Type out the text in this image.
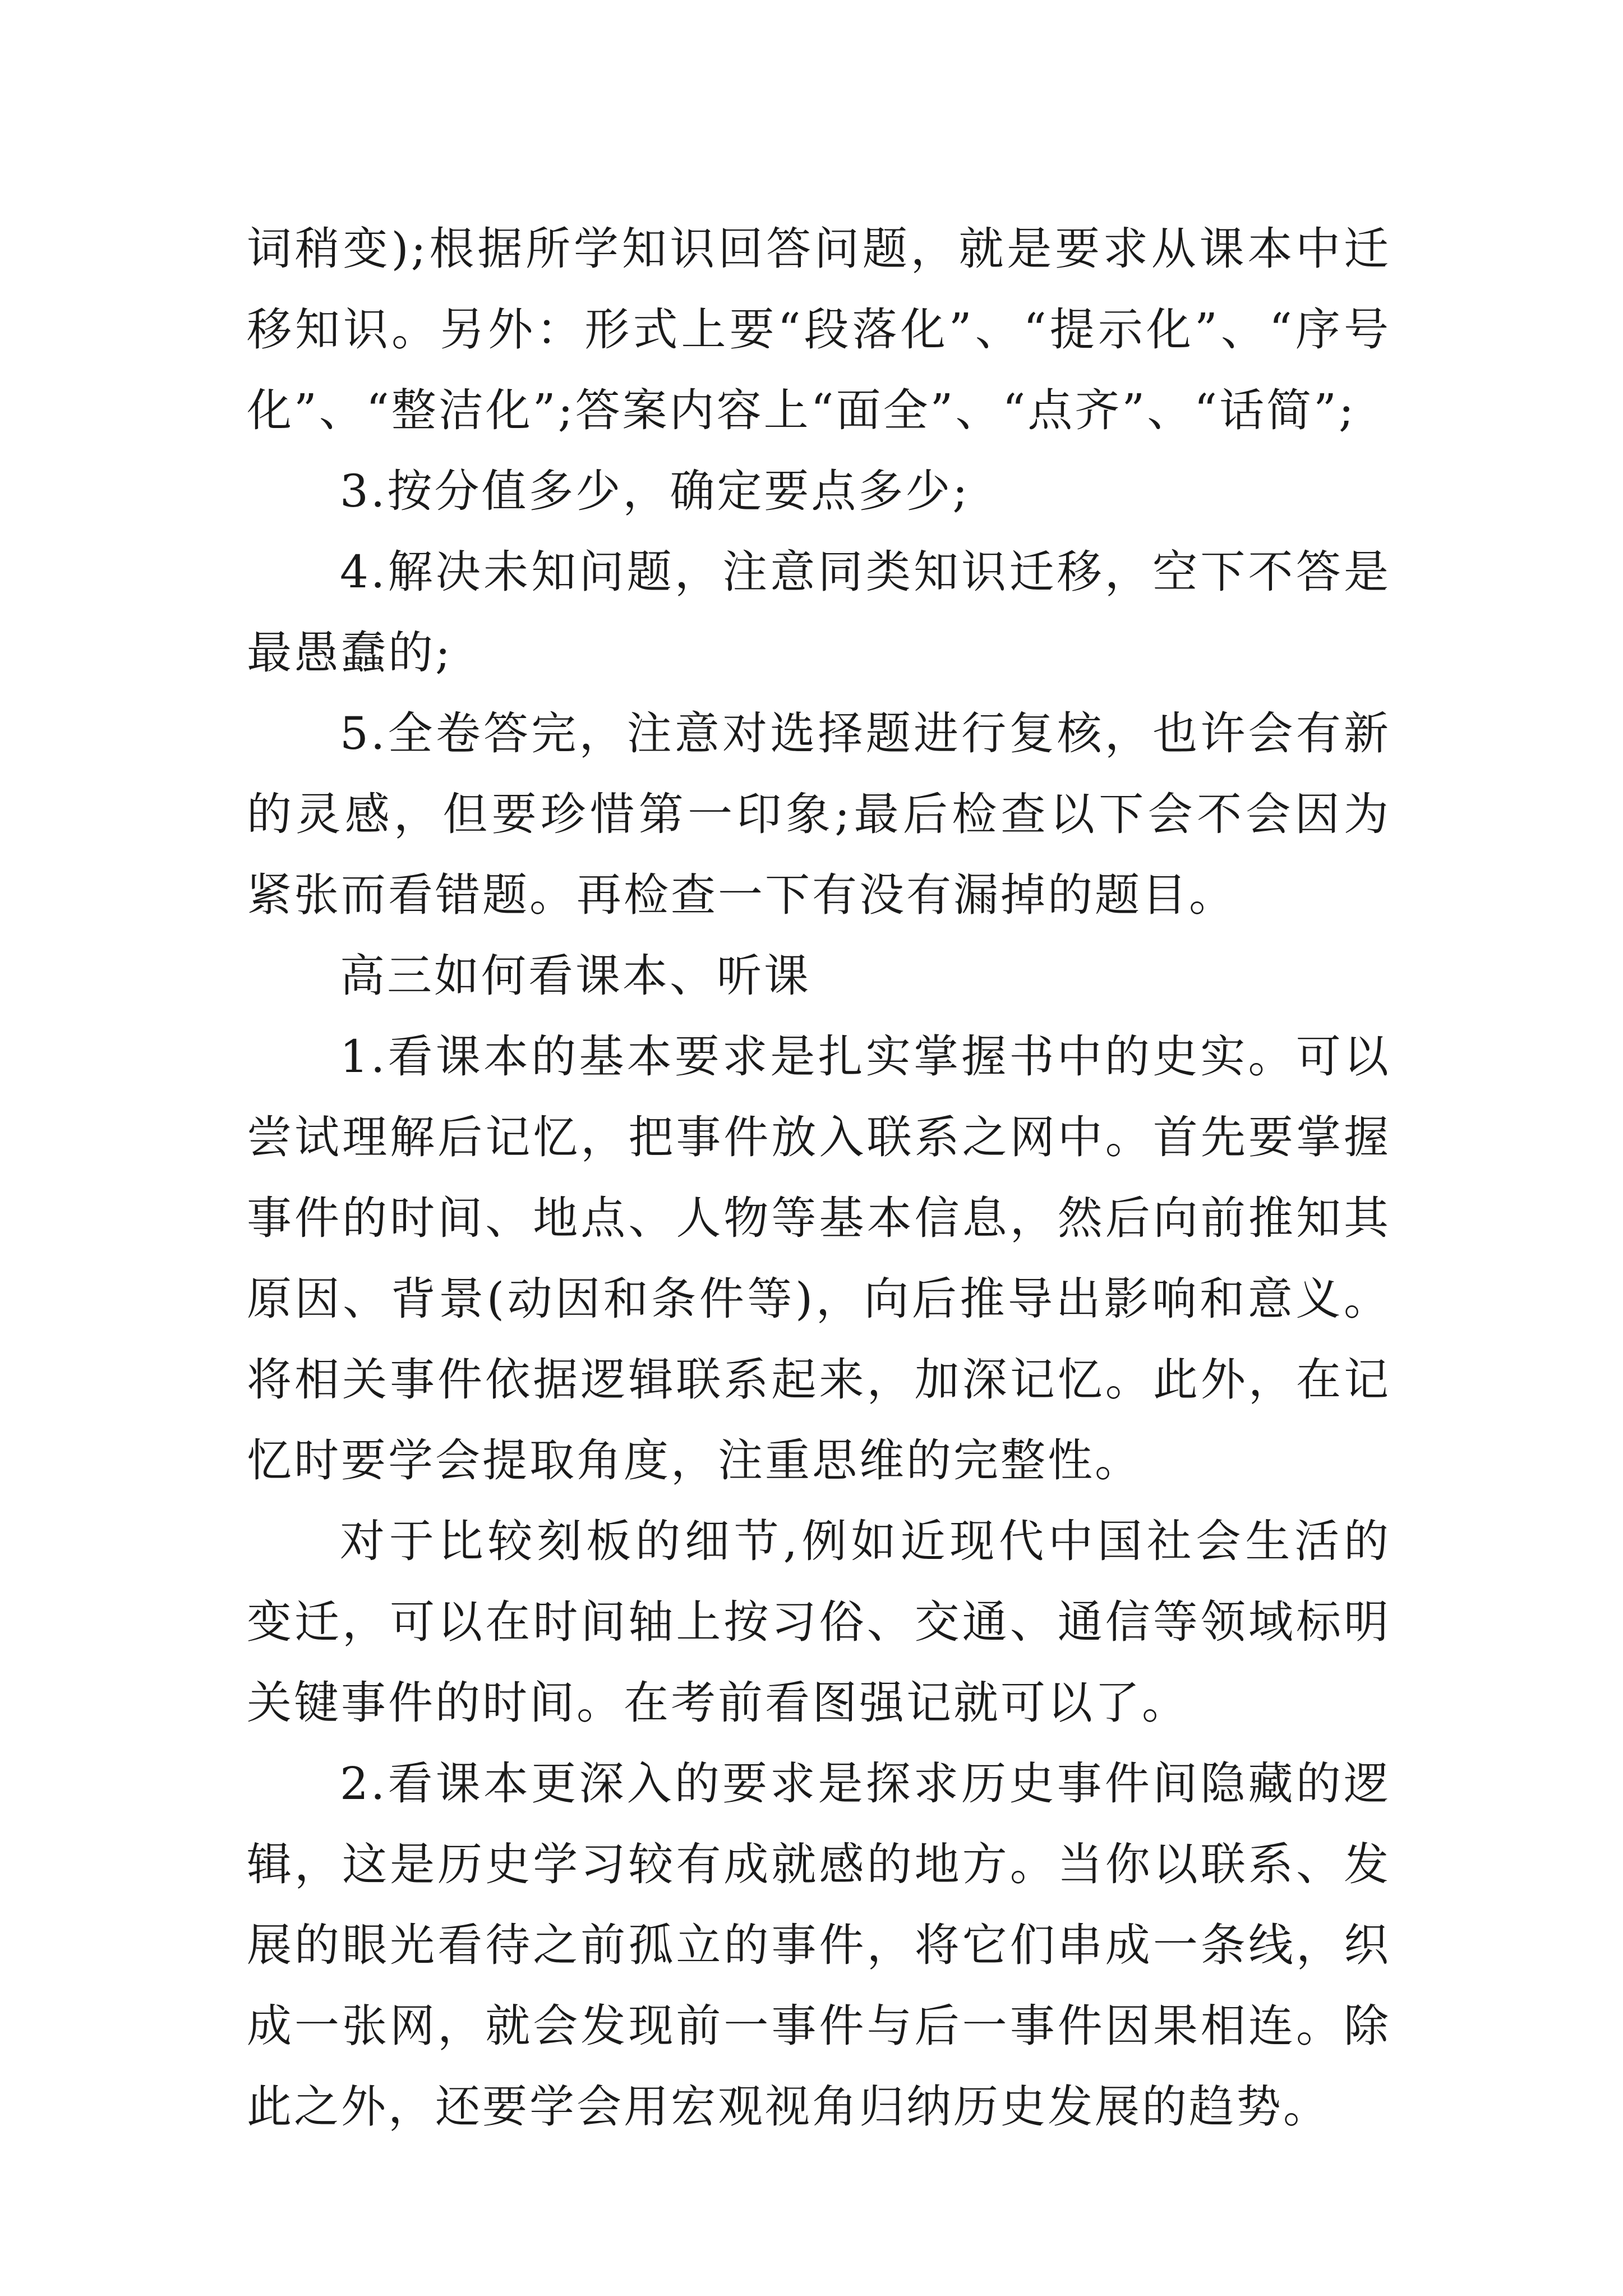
词稍变);根据所学知识回答问题，就是要求从课本中迁移知识。另外：形式上要“段落化”、“提示化”、“序号化”、“整洁化”;答案内容上“面全”、“点齐”、“话简”;

3.按分值多少，确定要点多少;

4.解决未知问题，注意同类知识迁移，空下不答是最愚蠢的;

5.全卷答完，注意对选择题进行复核，也许会有新的灵感，但要珍惜第一印象;最后检查以下会不会因为紧张而看错题。再检查一下有没有漏掉的题目。

高三如何看课本、听课

1.看课本的基本要求是扎实掌握书中的史实。可以尝试理解后记忆，把事件放入联系之网中。首先要掌握事件的时间、地点、人物等基本信息，然后向前推知其原因、背景(动因和条件等)，向后推导出影响和意义。将相关事件依据逻辑联系起来，加深记忆。此外，在记忆时要学会提取角度，注重思维的完整性。

对于比较刻板的细节,例如近现代中国社会生活的变迁，可以在时间轴上按习俗、交通、通信等领域标明关键事件的时间。在考前看图强记就可以了。

2.看课本更深入的要求是探求历史事件间隐藏的逻辑，这是历史学习较有成就感的地方。当你以联系、发展的眼光看待之前孤立的事件，将它们串成一条线，织成一张网，就会发现前一事件与后一事件因果相连。除此之外，还要学会用宏观视角归纳历史发展的趋势。
